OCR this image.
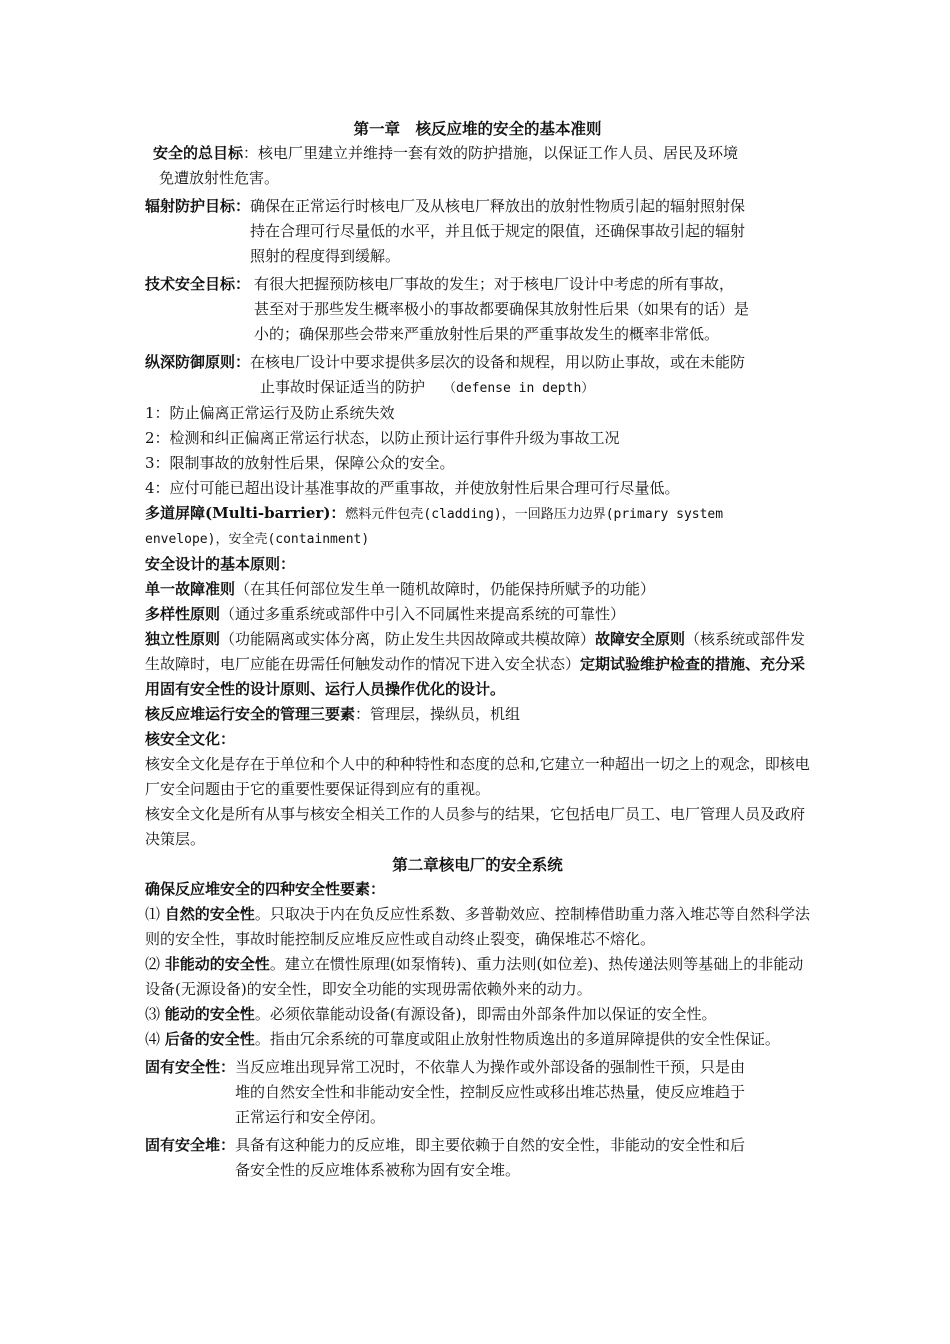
第一章　核反应堆的安全的基本准则
安全的总目标：核电厂里建立并维持一套有效的防护措施，以保证工作人员、居民及环境
免遭放射性危害。
辐射防护目标： 确保在正常运行时核电厂及从核电厂释放出的放射性物质引起的辐射照射保
持在合理可行尽量低的水平，并且低于规定的限值，还确保事故引起的辐射
照射的程度得到缓解。
技术安全目标： 有很大把握预防核电厂事故的发生；对于核电厂设计中考虑的所有事故，
甚至对于那些发生概率极小的事故都要确保其放射性后果（如果有的话）是
小的；确保那些会带来严重放射性后果的严重事故发生的概率非常低。
纵深防御原则： 在核电厂设计中要求提供多层次的设备和规程，用以防止事故，或在未能防
止事故时保证适当的防护 （defense in depth）
1：防止偏离正常运行及防止系统失效
2：检测和纠正偏离正常运行状态，以防止预计运行事件升级为事故工况
3：限制事故的放射性后果，保障公众的安全。
4：应付可能已超出设计基准事故的严重事故，并使放射性后果合理可行尽量低。
多道屏障(Multi-barrier)：燃料元件包壳(cladding)，一回路压力边界(primary system
envelope)，安全壳(containment)
安全设计的基本原则：
单一故障准则（在其任何部位发生单一随机故障时，仍能保持所赋予的功能）
多样性原则（通过多重系统或部件中引入不同属性来提高系统的可靠性）
独立性原则（功能隔离或实体分离，防止发生共因故障或共模故障）故障安全原则（核系统或部件发生故障时，电厂应能在毋需任何触发动作的情况下进入安全状态）定期试验维护检查的措施、充分采用固有安全性的设计原则、运行人员操作优化的设计。
核反应堆运行安全的管理三要素：管理层，操纵员，机组
核安全文化：
核安全文化是存在于单位和个人中的种种特性和态度的总和,它建立一种超出一切之上的观念，即核电厂安全问题由于它的重要性要保证得到应有的重视。
核安全文化是所有从事与核安全相关工作的人员参与的结果，它包括电厂员工、电厂管理人员及政府决策层。
第二章核电厂的安全系统
确保反应堆安全的四种安全性要素：
⑴ 自然的安全性。只取决于内在负反应性系数、多普勒效应、控制棒借助重力落入堆芯等自然科学法则的安全性，事故时能控制反应堆反应性或自动终止裂变，确保堆芯不熔化。
⑵ 非能动的安全性。建立在惯性原理(如泵惰转)、重力法则(如位差)、热传递法则等基础上的非能动设备(无源设备)的安全性，即安全功能的实现毋需依赖外来的动力。
⑶ 能动的安全性。必须依靠能动设备(有源设备)，即需由外部条件加以保证的安全性。
⑷ 后备的安全性。指由冗余系统的可靠度或阻止放射性物质逸出的多道屏障提供的安全性保证。
固有安全性： 当反应堆出现异常工况时，不依靠人为操作或外部设备的强制性干预，只是由
堆的自然安全性和非能动安全性，控制反应性或移出堆芯热量，使反应堆趋于
正常运行和安全停闭。
固有安全堆： 具备有这种能力的反应堆，即主要依赖于自然的安全性，非能动的安全性和后
备安全性的反应堆体系被称为固有安全堆。
